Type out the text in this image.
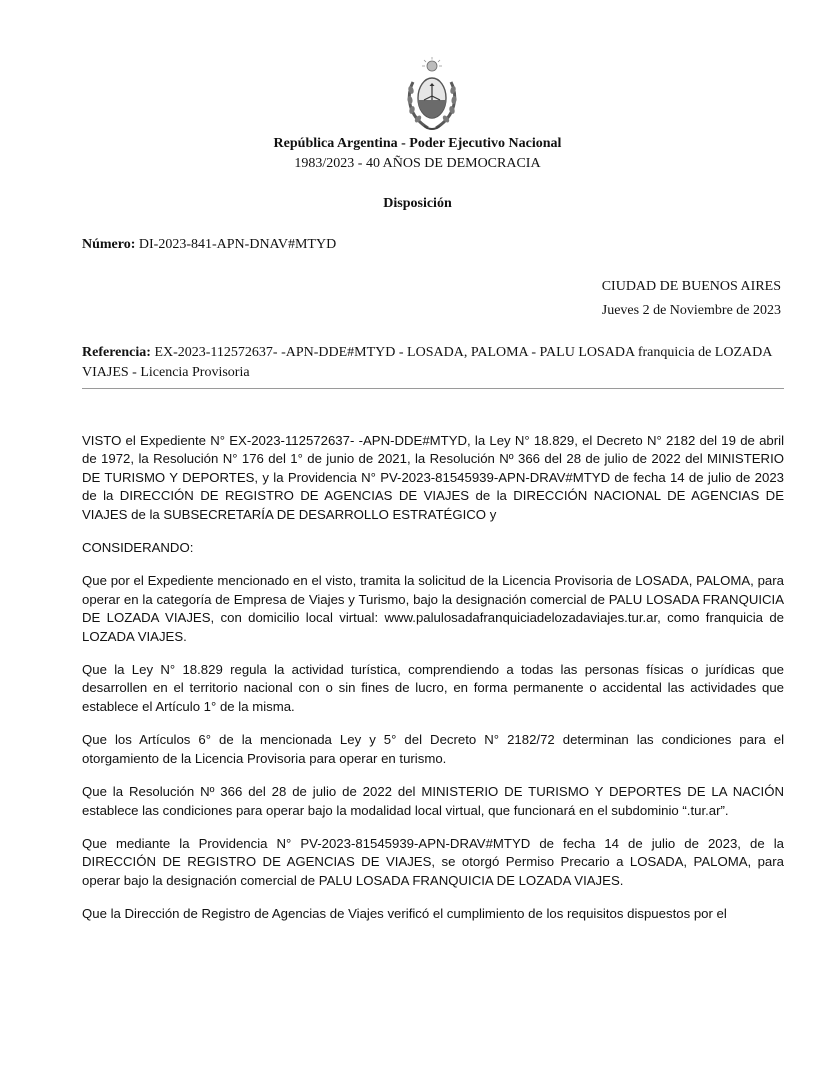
República Argentina - Poder Ejecutivo Nacional
1983/2023 - 40 AÑOS DE DEMOCRACIA
Disposición
Número: DI-2023-841-APN-DNAV#MTYD
CIUDAD DE BUENOS AIRES
Jueves 2 de Noviembre de 2023
Referencia: EX-2023-112572637- -APN-DDE#MTYD - LOSADA, PALOMA - PALU LOSADA franquicia de LOZADA VIAJES - Licencia Provisoria

VISTO el Expediente N° EX-2023-112572637- -APN-DDE#MTYD, la Ley N° 18.829, el Decreto N° 2182 del 19 de abril de 1972, la Resolución N° 176 del 1° de junio de 2021, la Resolución Nº 366 del 28 de julio de 2022 del MINISTERIO DE TURISMO Y DEPORTES, y la Providencia N° PV-2023-81545939-APN-DRAV#MTYD de fecha 14 de julio de 2023 de la DIRECCIÓN DE REGISTRO DE AGENCIAS DE VIAJES de la DIRECCIÓN NACIONAL DE AGENCIAS DE VIAJES de la SUBSECRETARÍA DE DESARROLLO ESTRATÉGICO y

CONSIDERANDO:

Que por el Expediente mencionado en el visto, tramita la solicitud de la Licencia Provisoria de LOSADA, PALOMA, para operar en la categoría de Empresa de Viajes y Turismo, bajo la designación comercial de PALU LOSADA FRANQUICIA DE LOZADA VIAJES, con domicilio local virtual: www.palulosadafranquiciadelozadaviajes.tur.ar, como franquicia de LOZADA VIAJES.

Que la Ley N° 18.829 regula la actividad turística, comprendiendo a todas las personas físicas o jurídicas que desarrollen en el territorio nacional con o sin fines de lucro, en forma permanente o accidental las actividades que establece el Artículo 1° de la misma.

Que los Artículos 6° de la mencionada Ley y 5° del Decreto N° 2182/72 determinan las condiciones para el otorgamiento de la Licencia Provisoria para operar en turismo.

Que la Resolución Nº 366 del 28 de julio de 2022 del MINISTERIO DE TURISMO Y DEPORTES DE LA NACIÓN establece las condiciones para operar bajo la modalidad local virtual, que funcionará en el subdominio “.tur.ar”.

Que mediante la Providencia N° PV-2023-81545939-APN-DRAV#MTYD de fecha 14 de julio de 2023, de la DIRECCIÓN DE REGISTRO DE AGENCIAS DE VIAJES, se otorgó Permiso Precario a LOSADA, PALOMA, para operar bajo la designación comercial de PALU LOSADA FRANQUICIA DE LOZADA VIAJES.

Que la Dirección de Registro de Agencias de Viajes verificó el cumplimiento de los requisitos dispuestos por el
